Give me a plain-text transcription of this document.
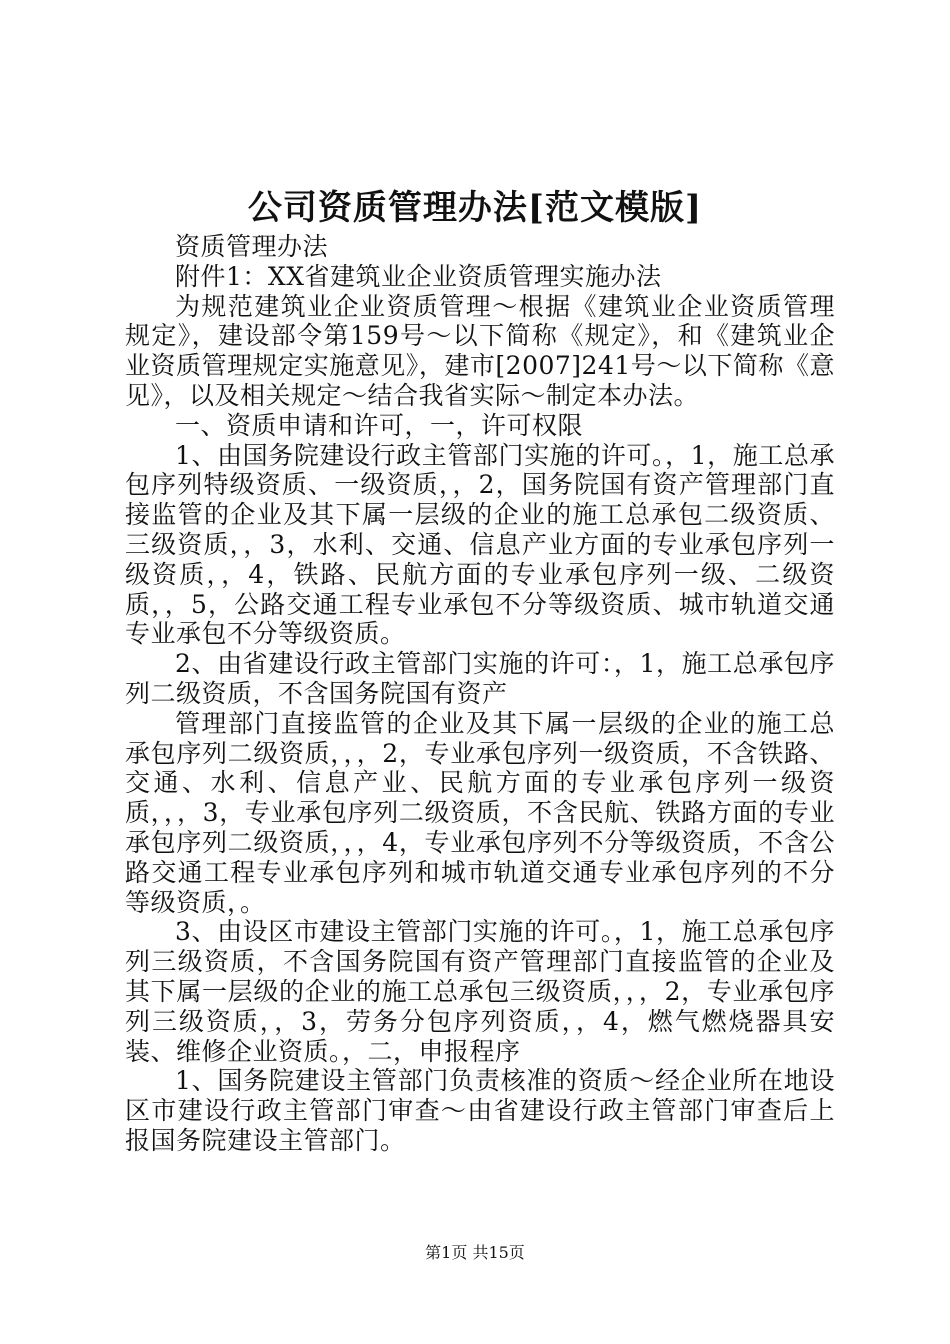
公司资质管理办法[范文模版]

资质管理办法

附件1：XX省建筑业企业资质管理实施办法

为规范建筑业企业资质管理～根据《建筑业企业资质管理规定》，建设部令第159号～以下简称《规定》，和《建筑业企业资质管理规定实施意见》，建市[2007]241号～以下简称《意见》，以及相关规定～结合我省实际～制定本办法。

一、资质申请和许可，一，许可权限

1、由国务院建设行政主管部门实施的许可。，1，施工总承包序列特级资质、一级资质，，2，国务院国有资产管理部门直接监管的企业及其下属一层级的企业的施工总承包二级资质、三级资质，，3，水利、交通、信息产业方面的专业承包序列一级资质，，4，铁路、民航方面的专业承包序列一级、二级资质，，5，公路交通工程专业承包不分等级资质、城市轨道交通专业承包不分等级资质。

2、由省建设行政主管部门实施的许可：，1，施工总承包序列二级资质，不含国务院国有资产

管理部门直接监管的企业及其下属一层级的企业的施工总承包序列二级资质，，，2，专业承包序列一级资质，不含铁路、交通、水利、信息产业、民航方面的专业承包序列一级资质，，，3，专业承包序列二级资质，不含民航、铁路方面的专业承包序列二级资质，，，4，专业承包序列不分等级资质，不含公路交通工程专业承包序列和城市轨道交通专业承包序列的不分等级资质，。

3、由设区市建设主管部门实施的许可。，1，施工总承包序列三级资质，不含国务院国有资产管理部门直接监管的企业及其下属一层级的企业的施工总承包三级资质，，，2，专业承包序列三级资质，，3，劳务分包序列资质，，4，燃气燃烧器具安装、维修企业资质。，二，申报程序

1、国务院建设主管部门负责核准的资质～经企业所在地设区市建设行政主管部门审查～由省建设行政主管部门审查后上报国务院建设主管部门。

第1页 共15页
